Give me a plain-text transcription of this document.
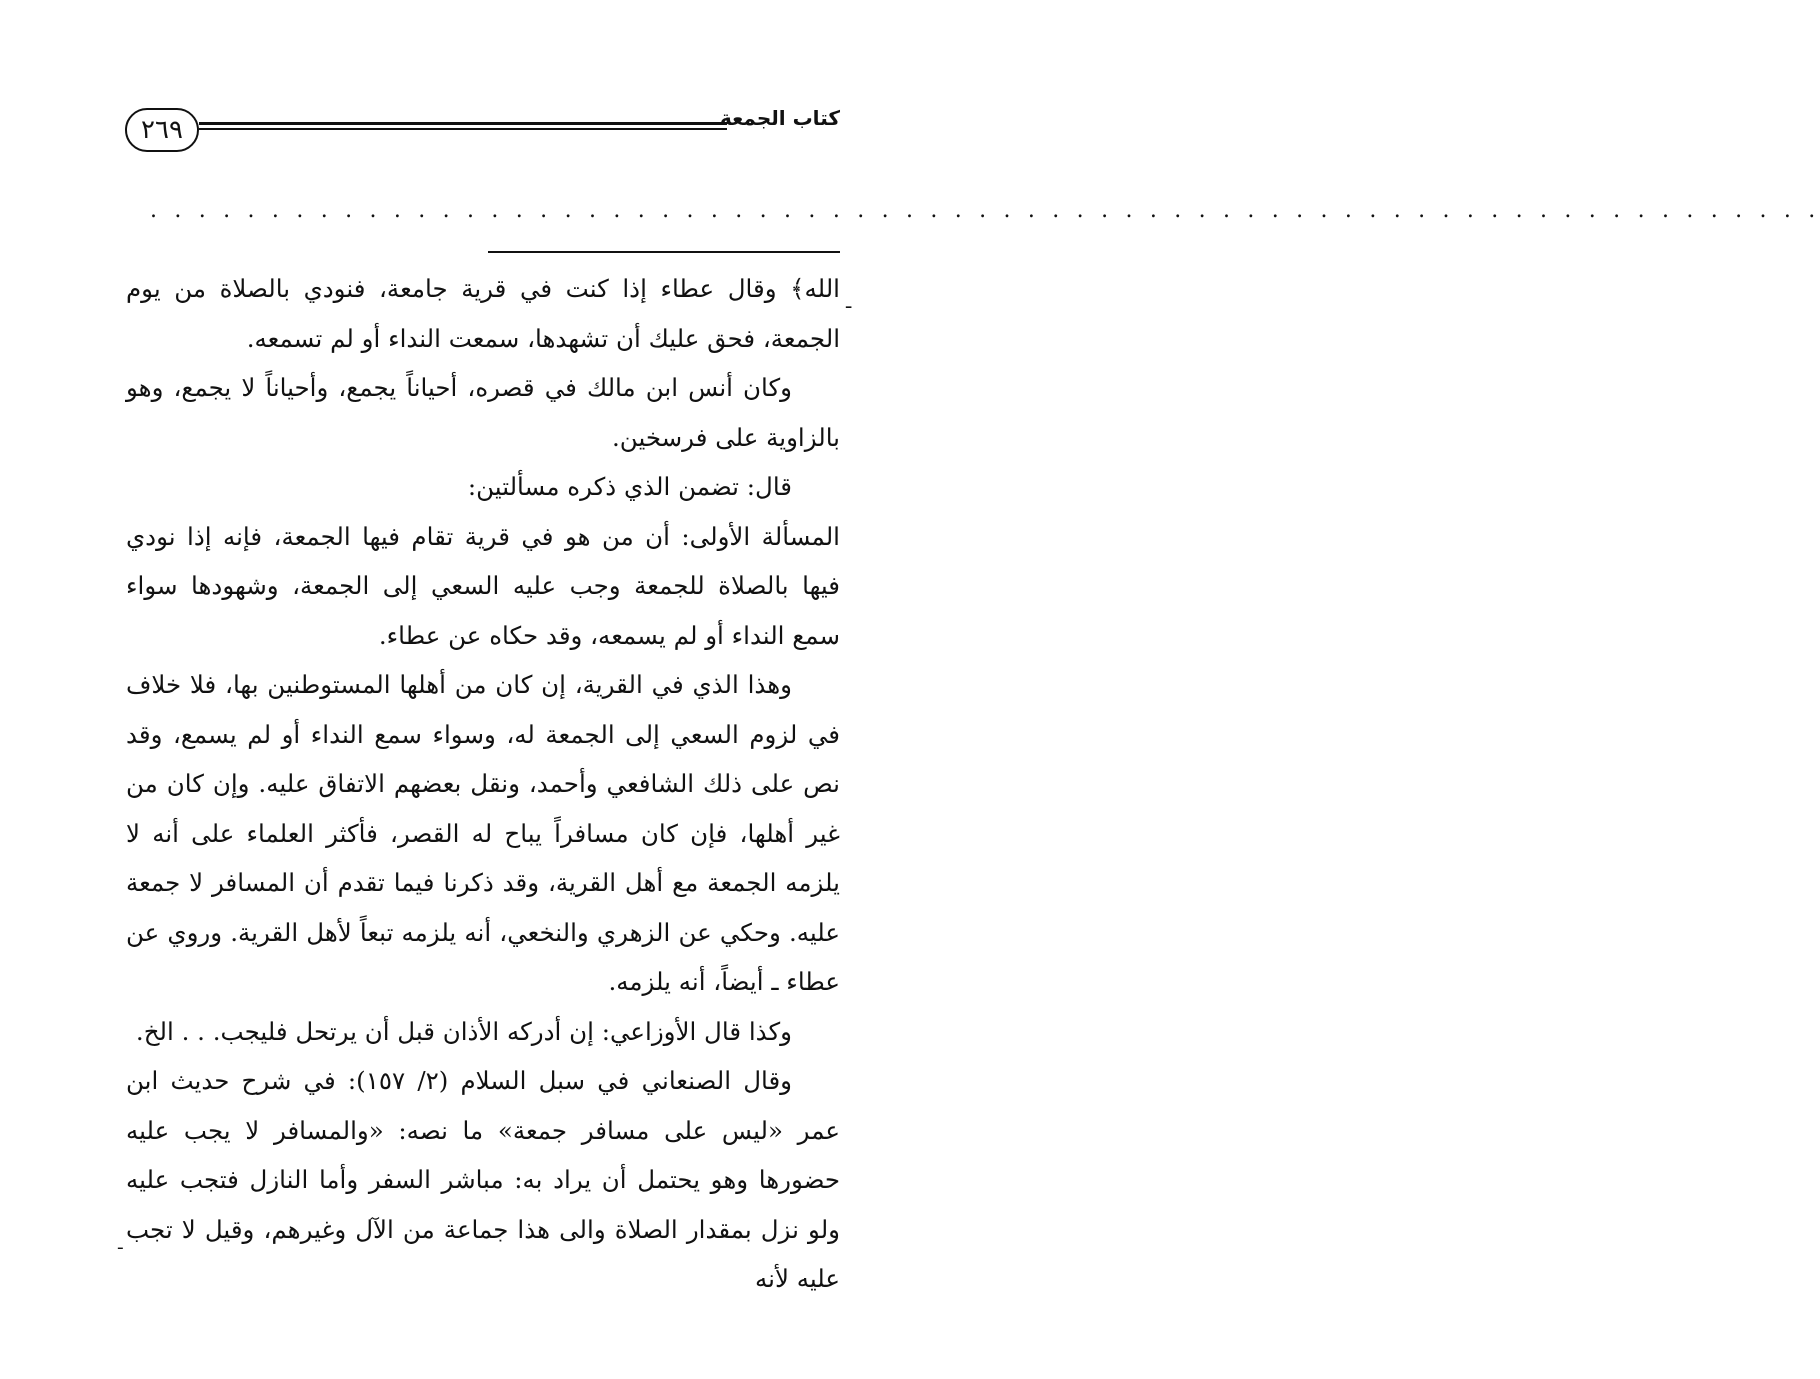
٢٦٩	كتاب الجمعة
. . . . . . . . . . . . . . . . . . . . . . . . . . . . . . . . . . . . . . . . . . . . . . . . . . . . . . . . . . . . . . . . . . . . .
ـ

الله﴾ وقال عطاء إذا كنت في قرية جامعة، فنودي بالصلاة من يوم الجمعة، فحق عليك أن تشهدها، سمعت النداء أو لم تسمعه.

وكان أنس ابن مالك في قصره، أحياناً يجمع، وأحياناً لا يجمع، وهو بالزاوية على فرسخين.

قال: تضمن الذي ذكره مسألتين:

المسألة الأولى: أن من هو في قرية تقام فيها الجمعة، فإنه إذا نودي فيها بالصلاة للجمعة وجب عليه السعي إلى الجمعة، وشهودها سواء سمع النداء أو لم يسمعه، وقد حكاه عن عطاء.

وهذا الذي في القرية، إن كان من أهلها المستوطنين بها، فلا خلاف في لزوم السعي إلى الجمعة له، وسواء سمع النداء أو لم يسمع، وقد نص على ذلك الشافعي وأحمد، ونقل بعضهم الاتفاق عليه. وإن كان من غير أهلها، فإن كان مسافراً يباح له القصر، فأكثر العلماء على أنه لا يلزمه الجمعة مع أهل القرية، وقد ذكرنا فيما تقدم أن المسافر لا جمعة عليه. وحكي عن الزهري والنخعي، أنه يلزمه تبعاً لأهل القرية. وروي عن عطاء ـ أيضاً، أنه يلزمه.

وكذا قال الأوزاعي: إن أدركه الأذان قبل أن يرتحل فليجب. . . الخ.

وقال الصنعاني في سبل السلام (٢/ ١٥٧): في شرح حديث ابن عمر «ليس على مسافر جمعة» ما نصه: «والمسافر لا يجب عليه حضورها وهو يحتمل أن يراد به: مباشر السفر وأما النازل فتجب عليه ولو نزل بمقدار الصلاة والى هذا جماعة من الآل وغيرهم، وقيل لا تجب عليه لأنه

ـ
